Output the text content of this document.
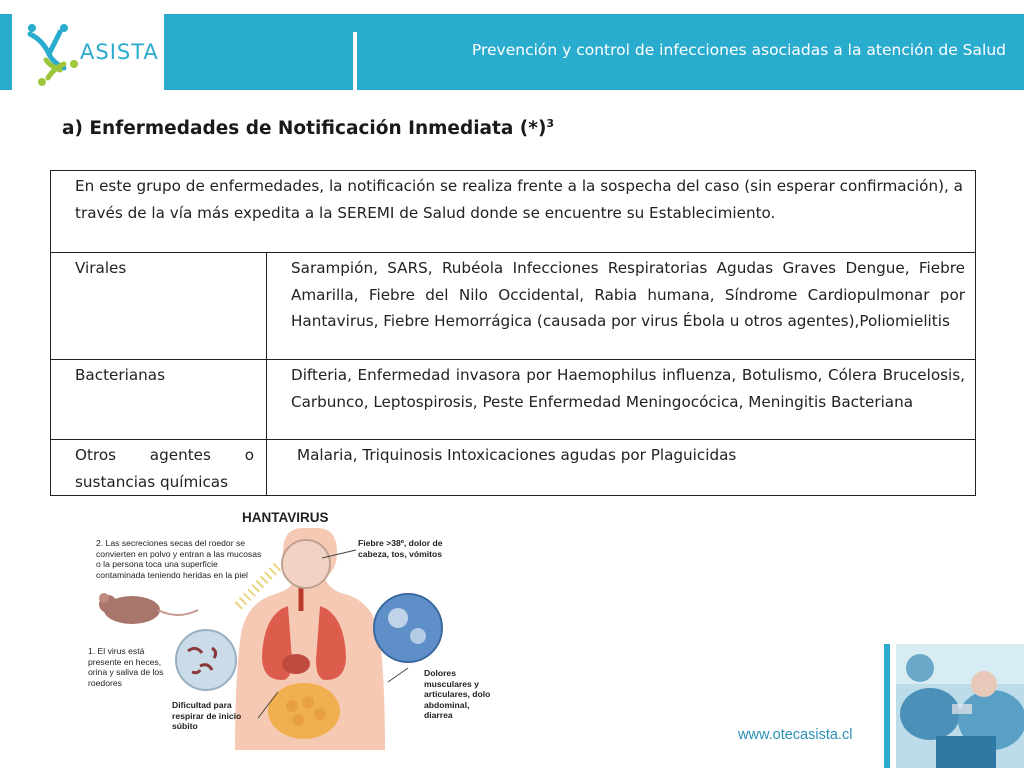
ASISTA	Prevención y control de infecciones asociadas a la atención de Salud
a) Enfermedades de Notificación Inmediata $(*)^3$
En este grupo de enfermedades, la notificación se realiza frente a la sospecha del caso (sin esperar confirmación), a través de la vía más expedita a la SEREMI de Salud donde se encuentre su Establecimiento.	
Virales	Sarampión, SARS, Rubéola Infecciones Respiratorias Agudas Graves Dengue, Fiebre Amarilla, Fiebre del Nilo Occidental, Rabia humana, Síndrome Cardiopulmonar por Hantavirus, Fiebre Hemorrágica (causada por virus Ébola u otros agentes),Poliomielitis
Bacterianas	Difteria, Enfermedad invasora por Haemophilus influenza, Botulismo, Cólera Brucelosis, Carbunco, Leptospirosis, Peste Enfermedad Meningocócica, Meningitis Bacteriana
Otros agentes o sustancias químicas	Malaria, Triquinosis Intoxicaciones agudas por Plaguicidas
HANTAVIRUS
2. Las secreciones secas del roedor se
convierten en polvo y entran a las mucosas
o la persona toca una superficie
contaminada teniendo heridas en la piel
1. El virus está
presente en heces,
orina y saliva de los
roedores
Fiebre >38º, dolor de
cabeza, tos, vómitos
Dolores
musculares y
articulares, dolo
abdominal,
diarrea
Dificultad para
respirar de inicio
súbito
www.otecasista.cl
